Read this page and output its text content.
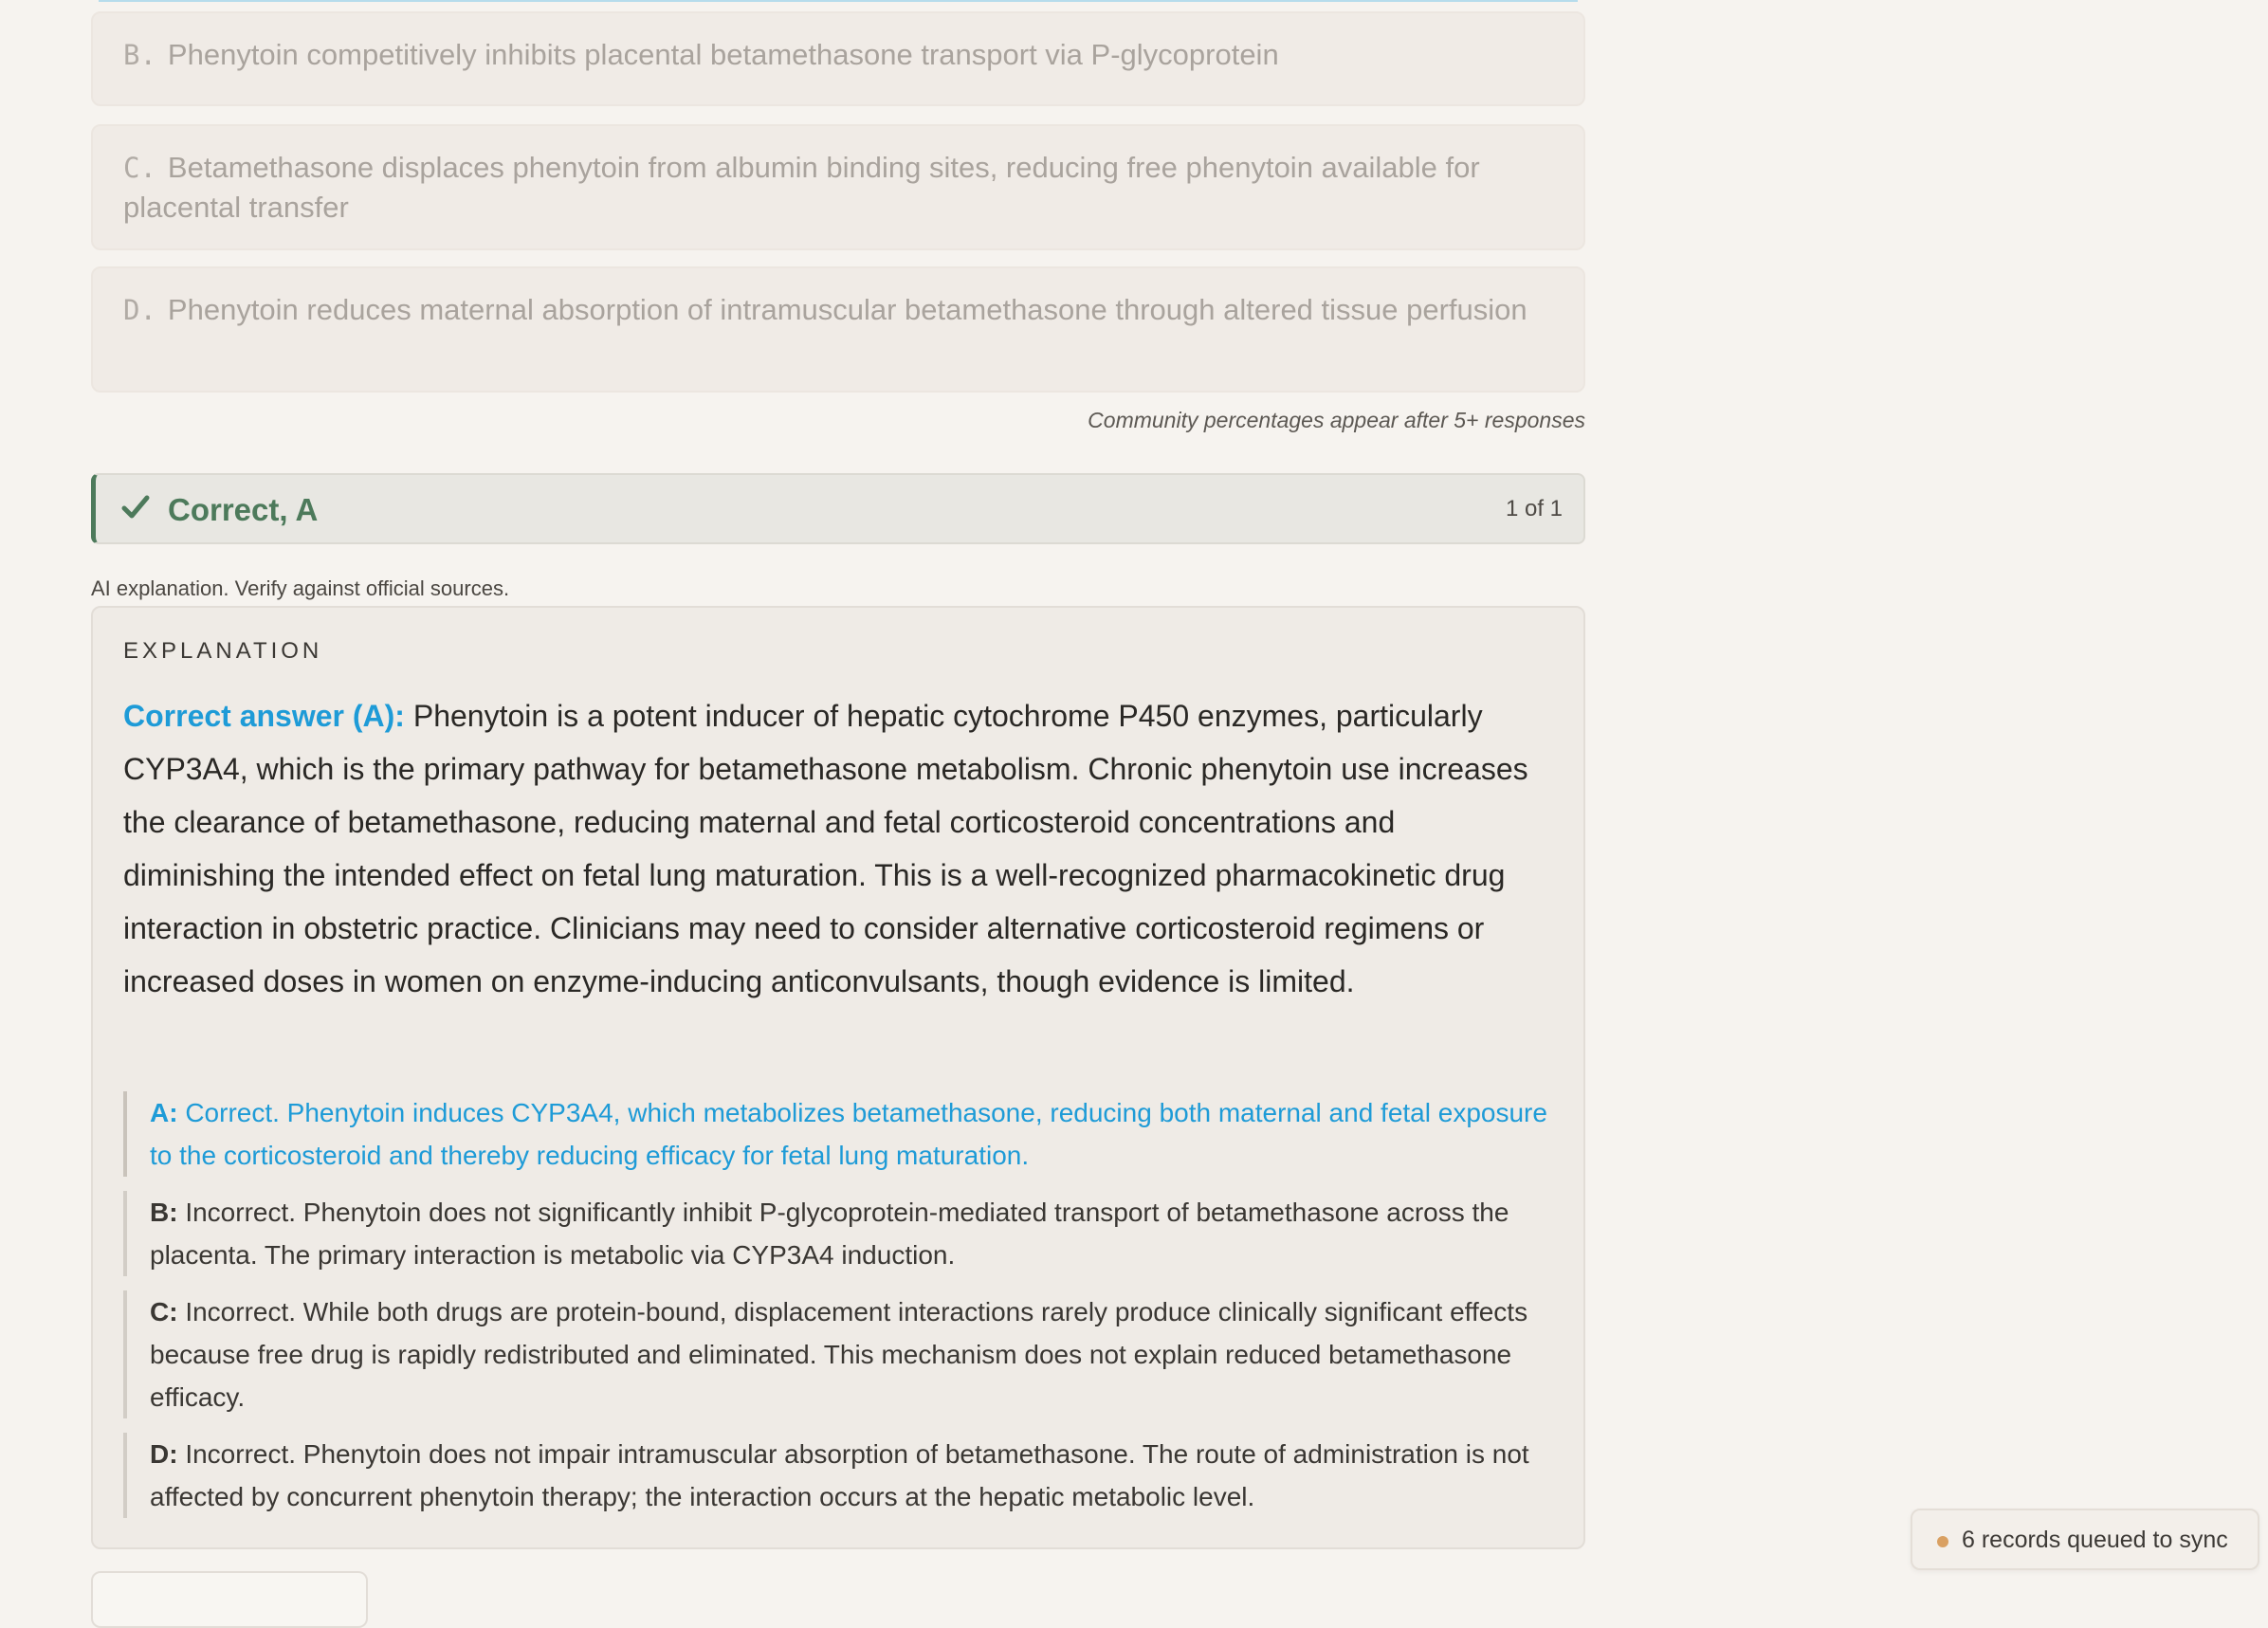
B. Phenytoin competitively inhibits placental betamethasone transport via P-glycoprotein
C. Betamethasone displaces phenytoin from albumin binding sites, reducing free phenytoin available for placental transfer
D. Phenytoin reduces maternal absorption of intramuscular betamethasone through altered tissue perfusion
Community percentages appear after 5+ responses
Correct, A	1 of 1
AI explanation. Verify against official sources.
EXPLANATION
Correct answer (A): Phenytoin is a potent inducer of hepatic cytochrome P450 enzymes, particularly CYP3A4, which is the primary pathway for betamethasone metabolism. Chronic phenytoin use increases the clearance of betamethasone, reducing maternal and fetal corticosteroid concentrations and diminishing the intended effect on fetal lung maturation. This is a well-recognized pharmacokinetic drug interaction in obstetric practice. Clinicians may need to consider alternative corticosteroid regimens or increased doses in women on enzyme-inducing anticonvulsants, though evidence is limited.
A: Correct. Phenytoin induces CYP3A4, which metabolizes betamethasone, reducing both maternal and fetal exposure to the corticosteroid and thereby reducing efficacy for fetal lung maturation.
B: Incorrect. Phenytoin does not significantly inhibit P-glycoprotein-mediated transport of betamethasone across the placenta. The primary interaction is metabolic via CYP3A4 induction.
C: Incorrect. While both drugs are protein-bound, displacement interactions rarely produce clinically significant effects because free drug is rapidly redistributed and eliminated. This mechanism does not explain reduced betamethasone efficacy.
D: Incorrect. Phenytoin does not impair intramuscular absorption of betamethasone. The route of administration is not affected by concurrent phenytoin therapy; the interaction occurs at the hepatic metabolic level.
6 records queued to sync
